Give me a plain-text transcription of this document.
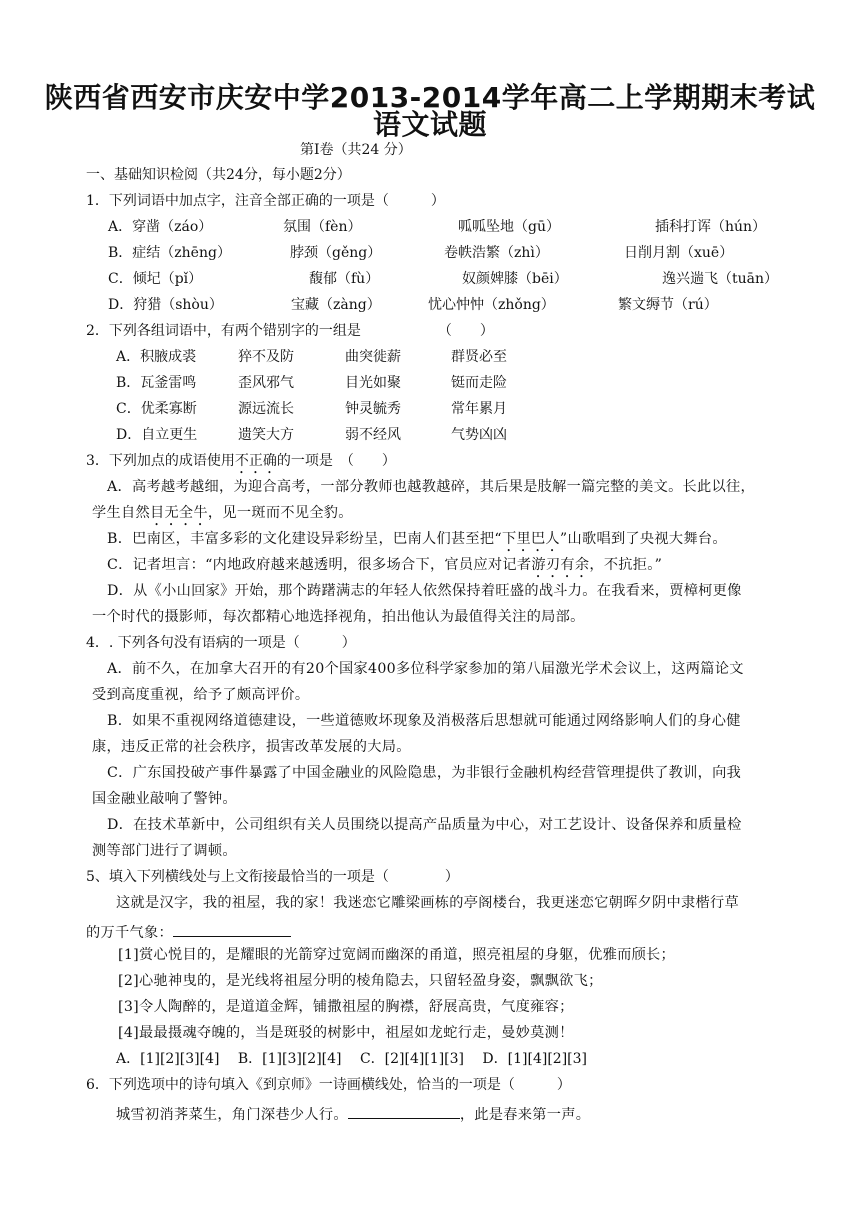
陕西省西安市庆安中学2013-2014学年高二上学期期末考试
语文试题
第Ⅰ卷（共24 分）
一、基础知识检阅（共24分，每小题2分）
1．下列词语中加点字，注音全部正确的一项是（　　　）
A．穿凿（záo）	氛围（fèn）	呱呱坠地（gū）	插科打诨（hún）
B．症结（zhēng）	脖颈（gěng）	卷帙浩繁（zhì）	日削月割（xuē）
C．倾圮（pǐ）	馥郁（fù）	奴颜婢膝（bēi）	逸兴遄飞（tuān）
D．狩猎（shòu）	宝藏（zàng）	忧心忡忡（zhǒng）	繁文缛节（rú）
2．下列各组词语中，有两个错别字的一组是　　　　　　（　　）
A．积腋成裘	猝不及防	曲突徙薪	群贤必至
B．瓦釜雷鸣	歪风邪气	目光如聚	铤而走险
C．优柔寡断	源远流长	钟灵毓秀	常年累月
D．自立更生	遗笑大方	弱不经风	气势凶凶
3．下列加点的成语使用不正确的一项是　（　　）
A．高考越考越细，为迎合高考，一部分教师也越教越碎，其后果是肢解一篇完整的美文。长此以往，
学生自然目无全牛，见一斑而不见全豹。
B．巴南区，丰富多彩的文化建设异彩纷呈，巴南人们甚至把“下里巴人”山歌唱到了央视大舞台。
C．记者坦言：“内地政府越来越透明，很多场合下，官员应对记者游刃有余，不抗拒。”
D．从《小山回家》开始，那个踌躇满志的年轻人依然保持着旺盛的战斗力。在我看来，贾樟柯更像
一个时代的摄影师，每次都精心地选择视角，拍出他认为最值得关注的局部。
4．. 下列各句没有语病的一项是（　　　）
A．前不久，在加拿大召开的有20个国家400多位科学家参加的第八届激光学术会议上，这两篇论文
受到高度重视，给予了颇高评价。
B．如果不重视网络道德建设，一些道德败坏现象及消极落后思想就可能通过网络影响人们的身心健
康，违反正常的社会秩序，损害改革发展的大局。
C．广东国投破产事件暴露了中国金融业的风险隐患，为非银行金融机构经营管理提供了教训，向我
国金融业敲响了警钟。
D．在技术革新中，公司组织有关人员围绕以提高产品质量为中心，对工艺设计、设备保养和质量检
测等部门进行了调顿。
5、填入下列横线处与上文衔接最恰当的一项是（　　　　）
这就是汉字，我的祖屋，我的家！我迷恋它雕梁画栋的亭阁楼台，我更迷恋它朝晖夕阴中隶楷行草
的万千气象：
[1]赏心悦目的，是耀眼的光箭穿过宽阔而幽深的甬道，照亮祖屋的身躯，优雅而颀长；
[2]心驰神曳的，是光线将祖屋分明的棱角隐去，只留轻盈身姿，飘飘欲飞；
[3]令人陶醉的，是道道金辉，铺撒祖屋的胸襟，舒展高贵，气度雍容；
[4]最最摄魂夺魄的，当是斑驳的树影中，祖屋如龙蛇行走，曼妙莫测！
A．[1][2][3][4]　 B．[1][3][2][4]　 C．[2][4][1][3]　 D．[1][4][2][3]
6．下列选项中的诗句填入《到京师》一诗画横线处，恰当的一项是（　　　）
城雪初消荠菜生，角门深巷少人行。	，此是春来第一声。
